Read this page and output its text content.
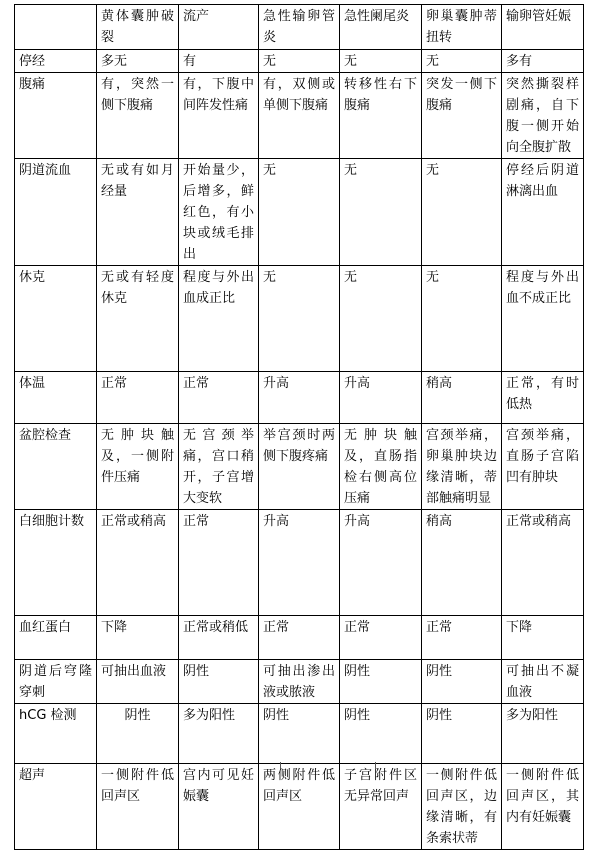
	黄体囊肿破裂	流产	急性输卵管炎	急性阑尾炎	卵巢囊肿蒂扭转	输卵管妊娠
停经	多无	有	无	无	无	多有
腹痛	有，突然一侧下腹痛	有，下腹中间阵发性痛	有，双侧或单侧下腹痛	转移性右下腹痛	突发一侧下腹痛	突然撕裂样剧痛，自下腹一侧开始向全腹扩散
阴道流血	无或有如月经量	开始量少，后增多，鲜红色，有小块或绒毛排出	无	无	无	停经后阴道淋漓出血
休克	无或有轻度休克	程度与外出血成正比	无	无	无	程度与外出血不成正比
体温	正常	正常	升高	升高	稍高	正常，有时低热
盆腔检查	无肿块触及，一侧附件压痛	无宫颈举痛，宫口稍开，子宫增大变软	举宫颈时两侧下腹疼痛	无肿块触及，直肠指检右侧高位压痛	宫颈举痛，卵巢肿块边缘清晰，蒂部触痛明显	宫颈举痛，直肠子宫陷凹有肿块
白细胞计数	正常或稍高	正常	升高	升高	稍高	正常或稍高
血红蛋白	下降	正常或稍低	正常	正常	正常	下降
阴道后穹隆穿刺	可抽出血液	阴性	可抽出渗出液或脓液	阴性	阴性	可抽出不凝血液
hCG 检测	阴性	多为阳性	阴性	阴性	阴性	多为阳性
超声	一侧附件低回声区	宫内可见妊娠囊	两侧附件低回声区	子宫附件区无异常回声	一侧附件低回声区，边缘清晰，有条索状蒂	一侧附件低回声区，其内有妊娠囊
